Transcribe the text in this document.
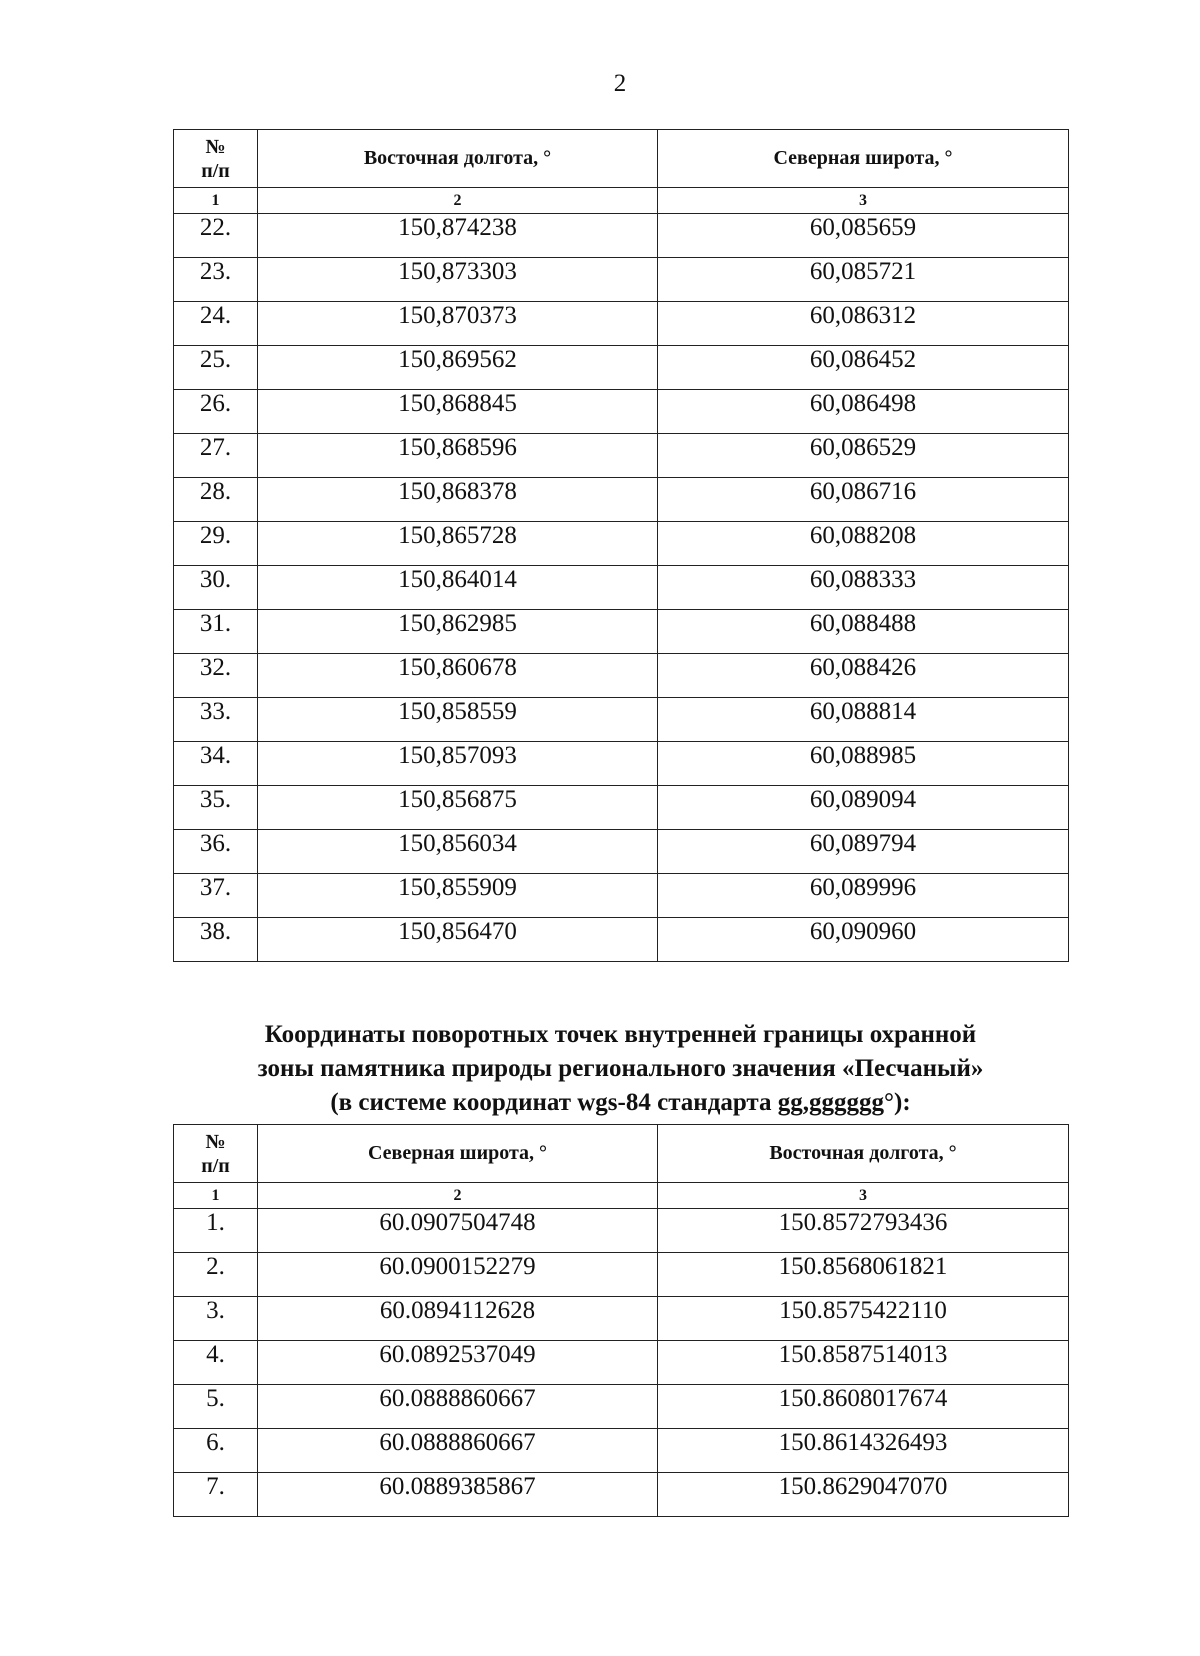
2
№
п/п	Восточная долгота, °	Северная широта, °
1	2	3
22.	150,874238	60,085659
23.	150,873303	60,085721
24.	150,870373	60,086312
25.	150,869562	60,086452
26.	150,868845	60,086498
27.	150,868596	60,086529
28.	150,868378	60,086716
29.	150,865728	60,088208
30.	150,864014	60,088333
31.	150,862985	60,088488
32.	150,860678	60,088426
33.	150,858559	60,088814
34.	150,857093	60,088985
35.	150,856875	60,089094
36.	150,856034	60,089794
37.	150,855909	60,089996
38.	150,856470	60,090960
Координаты поворотных точек внутренней границы охранной
зоны памятника природы регионального значения «Песчаный»
(в системе координат wgs-84 стандарта gg,gggggg°):
№
п/п	Северная широта, °	Восточная долгота, °
1	2	3
1.	60.0907504748	150.8572793436
2.	60.0900152279	150.8568061821
3.	60.0894112628	150.8575422110
4.	60.0892537049	150.8587514013
5.	60.0888860667	150.8608017674
6.	60.0888860667	150.8614326493
7.	60.0889385867	150.8629047070
